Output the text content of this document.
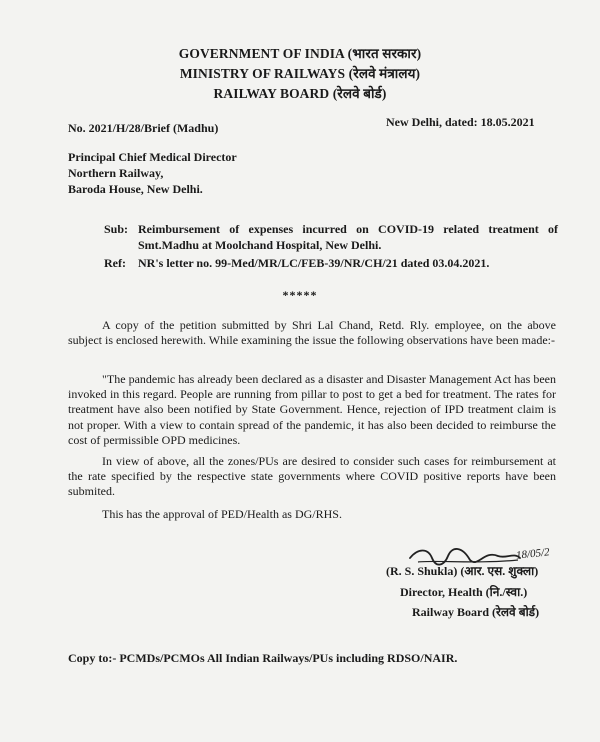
GOVERNMENT OF INDIA (भारत सरकार)
MINISTRY OF RAILWAYS (रेलवे मंत्रालय)
RAILWAY BOARD (रेलवे बोर्ड)
No. 2021/H/28/Brief (Madhu)	New Delhi, dated: 18.05.2021
Principal Chief Medical Director
Northern Railway,
Baroda House, New Delhi.
Sub: Reimbursement of expenses incurred on COVID-19 related treatment of
Smt.Madhu at Moolchand Hospital, New Delhi.
Ref: NR's letter no. 99-Med/MR/LC/FEB-39/NR/CH/21 dated 03.04.2021.
*****
A copy of the petition submitted by Shri Lal Chand, Retd. Rly. employee, on the above subject is enclosed herewith. While examining the issue the following observations have been made:-
"The pandemic has already been declared as a disaster and Disaster Management Act has been invoked in this regard. People are running from pillar to post to get a bed for treatment. The rates for treatment have also been notified by State Government. Hence, rejection of IPD treatment claim is not proper. With a view to contain spread of the pandemic, it has also been decided to reimburse the cost of permissible OPD medicines.
In view of above, all the zones/PUs are desired to consider such cases for reimbursement at the rate specified by the respective state governments where COVID positive reports have been submited.
This has the approval of PED/Health as DG/RHS.
18/05/2
(R. S. Shukla) (आर. एस. शुक्ला)
Director, Health (नि./स्वा.)
Railway Board (रेलवे बोर्ड)
Copy to:- PCMDs/PCMOs All Indian Railways/PUs including RDSO/NAIR.
